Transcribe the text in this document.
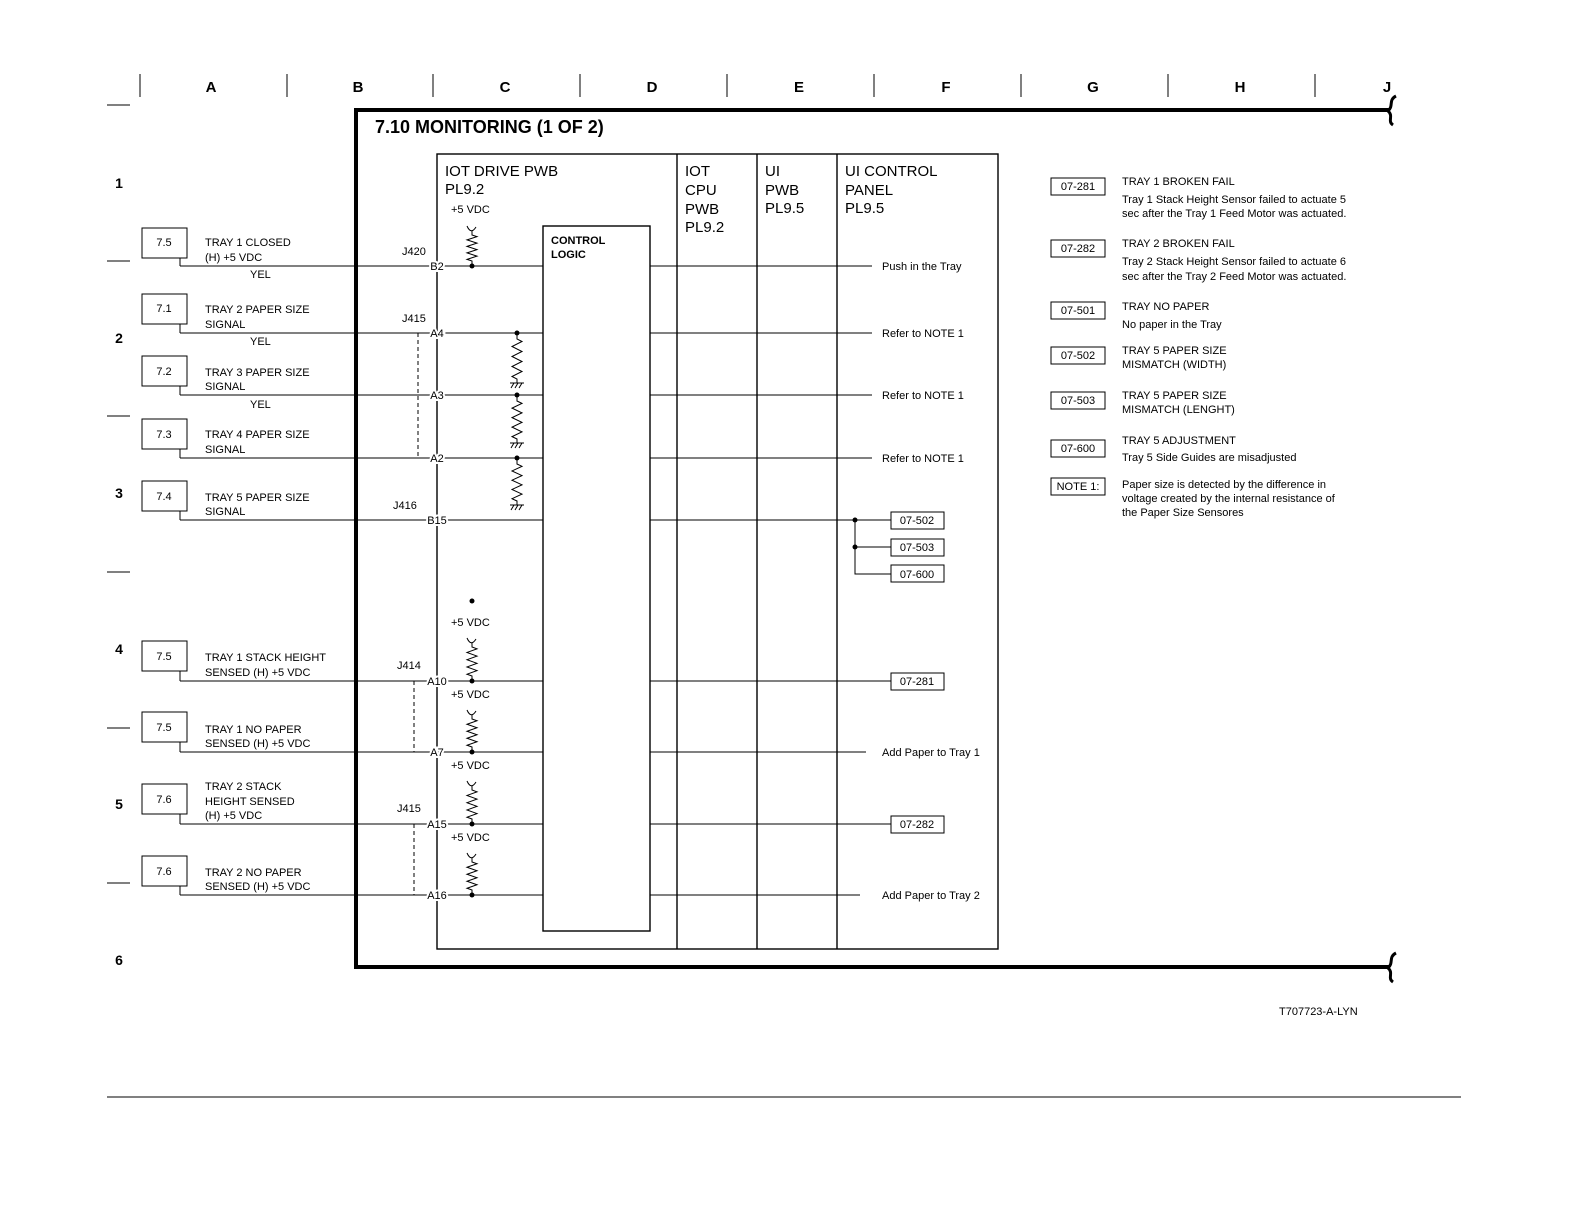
A	B	C	D	E	F	G	H	J
1
2
3
4
5
6
7.10 MONITORING (1 OF 2)
IOT DRIVE PWB
PL9.2
IOT
CPU
PWB
PL9.2
UI
PWB
PL9.5
UI CONTROL
PANEL
PL9.5
CONTROL
LOGIC
J420
J415
J416
J414
J415
7.5	TRAY 1 CLOSED
(H) +5 VDC
YEL
B2	Push in the Tray
7.1	TRAY 2 PAPER SIZE
SIGNAL
YEL
A4	Refer to NOTE 1
7.2	TRAY 3 PAPER SIZE
SIGNAL
YEL
A3	Refer to NOTE 1
7.3	TRAY 4 PAPER SIZE
SIGNAL
A2	Refer to NOTE 1
7.4	TRAY 5 PAPER SIZE
SIGNAL
B15	07-502
07-503
07-600
7.5	TRAY 1 STACK HEIGHT
SENSED (H) +5 VDC
A10	07-281
7.5	TRAY 1 NO PAPER
SENSED (H) +5 VDC
A7	Add Paper to Tray 1
7.6
TRAY 2 STACK
HEIGHT SENSED
(H) +5 VDC
A15	07-282
7.6	TRAY 2 NO PAPER
SENSED (H) +5 VDC
A16	Add Paper to Tray 2
+5 VDC
+5 VDC
+5 VDC
+5 VDC
+5 VDC
07-281 TRAY 1 BROKEN FAIL
Tray 1 Stack Height Sensor failed to actuate 5
sec after the Tray 1 Feed Motor was actuated.
07-282 TRAY 2 BROKEN FAIL
Tray 2 Stack Height Sensor failed to actuate 6
sec after the Tray 2 Feed Motor was actuated.
07-501 TRAY NO PAPER
No paper in the Tray
07-502 TRAY 5 PAPER SIZE
MISMATCH (WIDTH)
07-503 TRAY 5 PAPER SIZE
MISMATCH (LENGHT)
07-600
TRAY 5 ADJUSTMENT
Tray 5 Side Guides are misadjusted
NOTE 1: Paper size is detected by the difference in
voltage created by the internal resistance of
the Paper Size Sensores
T707723-A-LYN
